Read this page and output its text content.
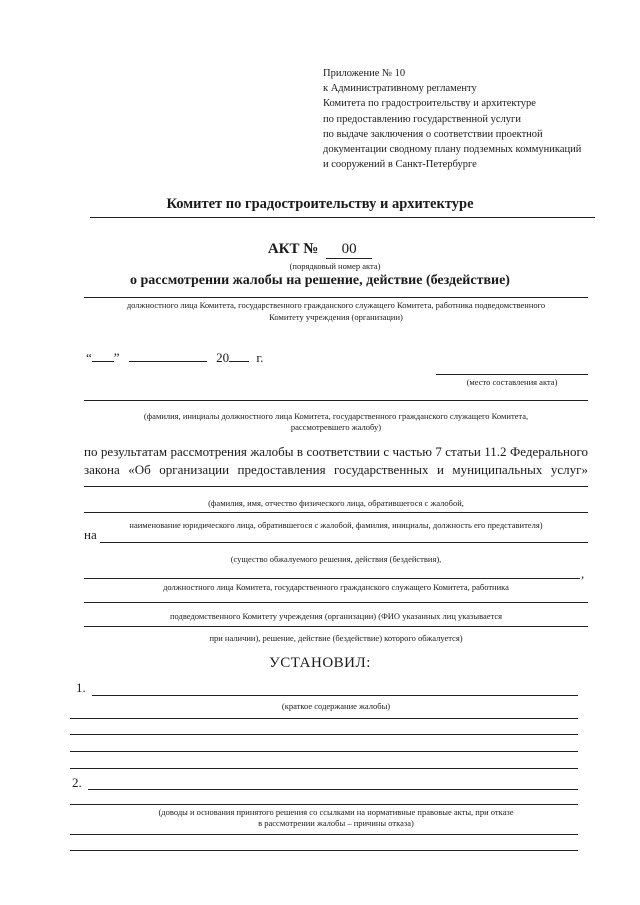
Приложение № 10
к Административному регламенту
Комитета по градостроительству и архитектуре
по предоставлению государственной услуги
по выдаче заключения о соответствии проектной
документации сводному плану подземных коммуникаций
и сооружений в Санкт-Петербурге
Комитет по градостроительству и архитектуре
АКТ № 00
(порядковый номер акта)
о рассмотрении жалобы на решение, действие (бездействие)
должностного лица Комитета, государственного гражданского служащего Комитета, работника подведомственного
Комитету учреждения (организации)
“ ”	20 г.
(место составления акта)
(фамилия, инициалы должностного лица Комитета, государственного гражданского служащего Комитета,
рассмотревшего жалобу)
по результатам рассмотрения жалобы в соответствии с частью 7 статьи 11.2 Федерального
закона «Об организации предоставления государственных и муниципальных услуг»
(фамилия, имя, отчество физического лица, обратившегося с жалобой,
наименование юридического лица, обратившегося с жалобой, фамилия, инициалы, должность его представителя)
на
(существо обжалуемого решения, действия (бездействия),
,
должностного лица Комитета, государственного гражданского служащего Комитета, работника
подведомственного Комитету учреждения (организации) (ФИО указанных лиц указывается
при наличии), решение, действие (бездействие) которого обжалуется)
УСТАНОВИЛ:
1.
(краткое содержание жалобы)
2.
(доводы и основания принятого решения со ссылками на нормативные правовые акты, при отказе
в рассмотрении жалобы – причины отказа)
